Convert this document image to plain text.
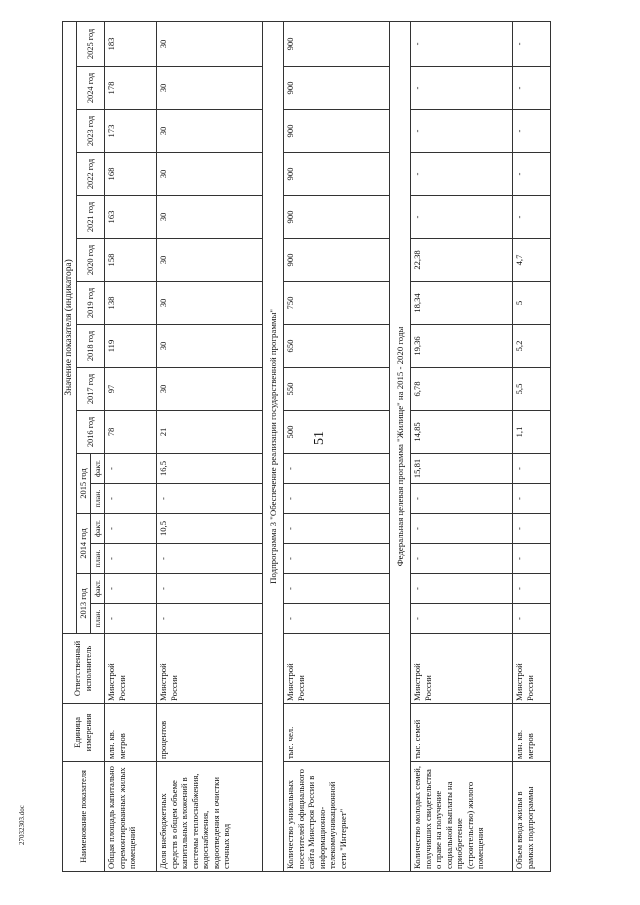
51
27032303.doc	Наименование показателя	Единица измерения	Ответственный исполнитель	Значение показателя (индикатора)															
			2013 год		2014 год		2015 год		2016 год	2017 год	2018 год	2019 год	2020 год	2021 год	2022 год	2023 год	2024 год	2025 год
			план.	факт.	план.	факт.	план.	факт.										
Общая площадь капитально отремонтированных жилых помещений	млн. кв. метров	Минстрой России	-	-	-	-	-	-	78	97	119	138	158	163	168	173	178	183
Доля внебюджетных средств в общем объеме капитальных вложений в системы теплоснабжения, водоснабжения, водоотведения и очистки сточных вод	процентов	Минстрой России	-	-	-	10,5	-	16,5	21	30	30	30	30	30	30	30	30	30
Подпрограмма 3 "Обеспечение реализации государственной программы"																		
Количество уникальных посетителей официального сайта Минстроя России в информационно-телекоммуникационной сети "Интернет"	тыс. чел.	Минстрой России	-	-	-	-	-	-	500	550	650	750	900	900	900	900	900	900
Федеральная целевая программа "Жилище" на 2015 - 2020 годы																		
Количество молодых семей, получивших свидетельства о праве на получение социальной выплаты на приобретение (строительство) жилого помещения	тыс. семей	Минстрой России	-	-	-	-	-	15,81	14,85	6,78	19,36	18,34	22,38	-	-	-	-	-
Объем ввода жилья в рамках подпрограммы	млн. кв. метров	Минстрой России	-	-	-	-	-	-	1,1	5,5	5,2	5	4,7	-	-	-	-	-
